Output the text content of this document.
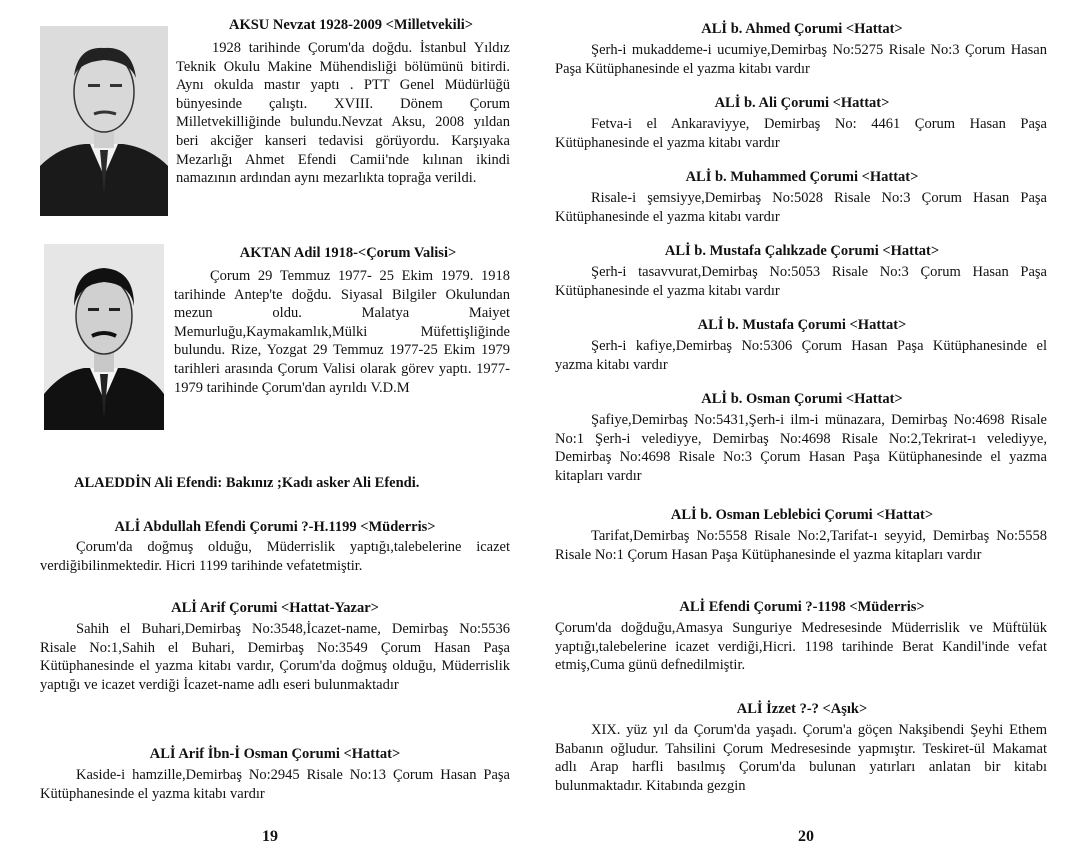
AKSU Nevzat 1928-2009 <Milletvekili>

1928 tarihinde Çorum'da doğdu. İstanbul Yıldız Teknik Okulu Makine Mühendisliği bölümünü bitirdi. Aynı okulda mastır yaptı . PTT Genel Müdürlüğü bünyesinde çalıştı. XVIII. Dönem Çorum Milletvekilliğinde bulundu.Nevzat Aksu, 2008 yıldan beri akciğer kanseri tedavisi görüyordu. Karşıyaka Mezarlığı Ahmet Efendi Camii'nde kılınan ikindi namazının ardından aynı mezarlıkta toprağa verildi.

AKTAN Adil 1918-<Çorum Valisi>

Çorum 29 Temmuz 1977- 25 Ekim 1979. 1918 tarihinde Antep'te doğdu. Siyasal Bilgiler Okulundan mezun oldu. Malatya Maiyet Memurluğu,Kaymakamlık,Mülki Müfettişliğinde bulundu. Rize, Yozgat 29 Temmuz 1977-25 Ekim 1979 tarihleri arasında Çorum Valisi olarak görev yaptı. 1977-1979 tarihinde Çorum'dan ayrıldı V.D.M

ALAEDDİN Ali Efendi: Bakınız ;Kadı asker Ali Efendi.
ALİ Abdullah Efendi Çorumi ?-H.1199 <Müderris>

Çorum'da doğmuş olduğu, Müderrislik yaptığı,talebelerine icazet verdiğibilinmektedir. Hicri 1199 tarihinde vefatetmiştir.

ALİ Arif Çorumi <Hattat-Yazar>

Sahih el Buhari,Demirbaş No:3548,İcazet-name, Demirbaş No:5536 Risale No:1,Sahih el Buhari, Demirbaş No:3549 Çorum Hasan Paşa Kütüphanesinde el yazma kitabı vardır, Çorum'da doğmuş olduğu, Müderrislik yaptığı ve icazet verdiği İcazet-name adlı eseri bulunmaktadır

ALİ Arif İbn-İ Osman Çorumi <Hattat>

Kaside-i hamzille,Demirbaş No:2945 Risale No:13 Çorum Hasan Paşa Kütüphanesinde el yazma kitabı vardır

19
ALİ b. Ahmed Çorumi <Hattat>

Şerh-i mukaddeme-i ucumiye,Demirbaş No:5275 Risale No:3 Çorum Hasan Paşa Kütüphanesinde el yazma kitabı vardır

ALİ b. Ali Çorumi <Hattat>

Fetva-i el Ankaraviyye, Demirbaş No: 4461 Çorum Hasan Paşa Kütüphanesinde el yazma kitabı vardır

ALİ b. Muhammed Çorumi <Hattat>

Risale-i şemsiyye,Demirbaş No:5028 Risale No:3 Çorum Hasan Paşa Kütüphanesinde el yazma kitabı vardır

ALİ b. Mustafa Çalıkzade Çorumi <Hattat>

Şerh-i tasavvurat,Demirbaş No:5053 Risale No:3 Çorum Hasan Paşa Kütüphanesinde el yazma kitabı vardır

ALİ b. Mustafa Çorumi <Hattat>

Şerh-i kafiye,Demirbaş No:5306 Çorum Hasan Paşa Kütüphanesinde el yazma kitabı vardır

ALİ b. Osman Çorumi <Hattat>

Şafiye,Demirbaş No:5431,Şerh-i ilm-i münazara, Demirbaş No:4698 Risale No:1 Şerh-i velediyye, Demirbaş No:4698 Risale No:2,Tekrirat-ı velediyye, Demirbaş No:4698 Risale No:3 Çorum Hasan Paşa Kütüphanesinde el yazma kitapları vardır

ALİ b. Osman Leblebici Çorumi <Hattat>

Tarifat,Demirbaş No:5558 Risale No:2,Tarifat-ı seyyid, Demirbaş No:5558 Risale No:1 Çorum Hasan Paşa Kütüphanesinde el yazma kitapları vardır

ALİ Efendi Çorumi ?-1198 <Müderris>

Çorum'da doğduğu,Amasya Sunguriye Medresesinde Müderrislik ve Müftülük yaptığı,talebelerine icazet verdiği,Hicri. 1198 tarihinde Berat Kandil'inde vefat etmiş,Cuma günü defnedilmiştir.

ALİ İzzet ?-? <Aşık>

XIX. yüz yıl da Çorum'da yaşadı. Çorum'a göçen Nakşibendi Şeyhi Ethem Babanın oğludur. Tahsilini Çorum Medresesinde yapmıştır. Teskiret-ül Makamat adlı Arap harfli basılmış Çorum'da bulunan yatırları anlatan bir kitabı bulunmaktadır. Kitabında gezgin

20
